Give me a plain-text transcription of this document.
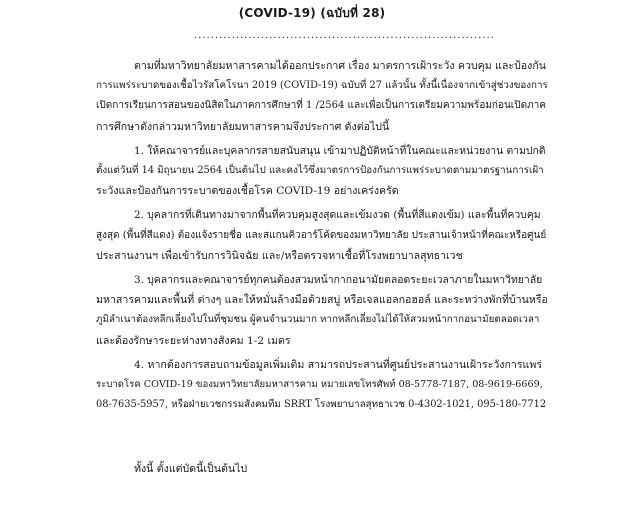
(COVID-19) (ฉบับที่ 28)
........................................................................
ตามที่มหาวิทยาลัยมหาสารคามได้ออกประกาศ เรื่อง มาตรการเฝ้าระวัง ควบคุม และป้องกัน
การแพร่ระบาดของเชื้อไวรัสโคโรนา 2019 (COVID-19) ฉบับที่ 27 แล้วนั้น ทั้งนี้เนื่องจากเข้าสู่ช่วงของการ
เปิดการเรียนการสอนของนิสิตในภาคการศึกษาที่ 1 /2564 และเพื่อเป็นการเตรียมความพร้อมก่อนเปิดภาค
การศึกษาดังกล่าวมหาวิทยาลัยมหาสารคามจึงประกาศ ดังต่อไปนี้
1. ให้คณาจารย์และบุคลากรสายสนับสนุน เข้ามาปฏิบัติหน้าที่ในคณะและหน่วยงาน ตามปกติ
ตั้งแต่วันที่ 14 มิถุนายน 2564 เป็นต้นไป และคงไว้ซึ่งมาตรการป้องกันการแพร่ระบาดตามมาตรฐานการเฝ้า
ระวังและป้องกันการระบาดของเชื้อโรค COVID-19 อย่างเคร่งครัด
2. บุคลากรที่เดินทางมาจากพื้นที่ควบคุมสูงสุดและเข้มงวด (พื้นที่สีแดงเข้ม) และพื้นที่ควบคุม
สูงสุด (พื้นที่สีแดง) ต้องแจ้งรายชื่อ และสแกนคิวอาร์โค้ดของมหาวิทยาลัย ประสานเจ้าหน้าที่คณะหรือศูนย์
ประสานงานฯ เพื่อเข้ารับการวินิจฉัย และ/หรือตรวจหาเชื้อที่โรงพยาบาลสุทธาเวช
3. บุคลากรและคณาจารย์ทุกคนต้องสวมหน้ากากอนามัยตลอดระยะเวลาภายในมหาวิทยาลัย
มหาสารคามและพื้นที่ ต่างๆ และให้หมั่นล้างมือด้วยสบู่ หรือเจลแอลกอฮอล์ และระหว่างพักที่บ้านหรือ
ภูมิลำเนาต้องหลีกเลี่ยงไปในที่ชุมชน ผู้คนจำนวนมาก หากหลีกเลี่ยงไม่ได้ให้สวมหน้ากากอนามัยตลอดเวลา
และต้องรักษาระยะห่างทางสังคม 1-2 เมตร
4. หากต้องการสอบถามข้อมูลเพิ่มเติม สามารถประสานที่ศูนย์ประสานงานเฝ้าระวังการแพร่
ระบาดโรค COVID-19 ของมหาวิทยาลัยมหาสารคาม หมายเลขโทรศัพท์ 08-5778-7187, 08-9619-6669,
08-7635-5957, หรือฝ่ายเวชกรรมสังคมทีม SRRT โรงพยาบาลสุทธาเวช 0-4302-1021, 095-180-7712
ทั้งนี้ ตั้งแต่บัดนี้เป็นต้นไป
